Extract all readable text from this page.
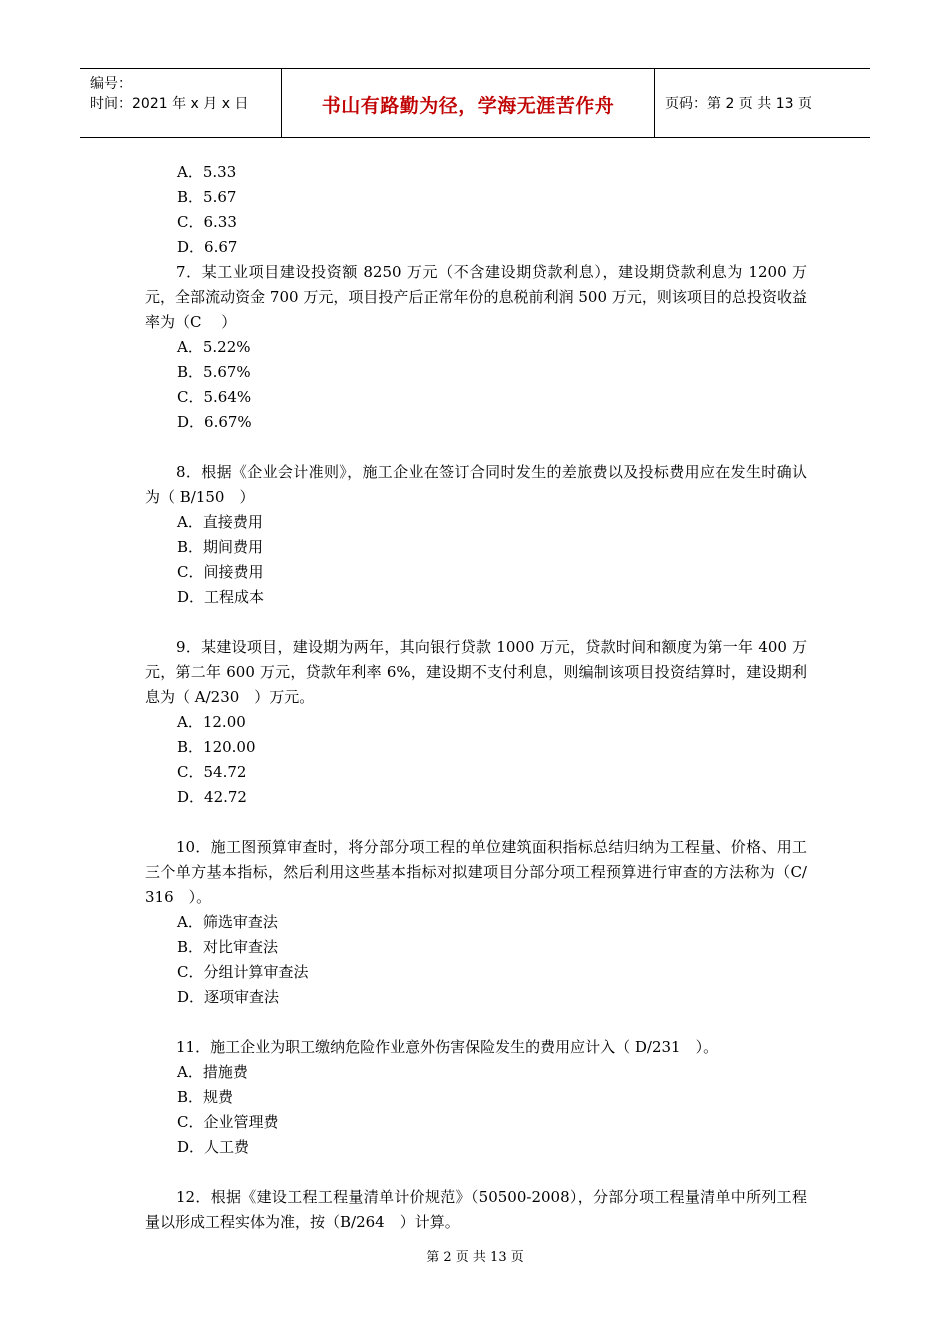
编号：
时间：2021 年 x 月 x 日	书山有路勤为径，学海无涯苦作舟	页码：第 2 页 共 13 页

A．5.33

B．5.67

C．6.33

D．6.67

7．某工业项目建设投资额 8250 万元（不含建设期贷款利息），建设期贷款利息为 1200 万元，全部流动资金 700 万元，项目投产后正常年份的息税前利润 500 万元，则该项目的总投资收益率为（C　 ）

A．5.22%

B．5.67%

C．5.64%

D．6.67%

8．根据《企业会计准则》，施工企业在签订合同时发生的差旅费以及投标费用应在发生时确认为（ B/150　）

A．直接费用

B．期间费用

C．间接费用

D．工程成本

9．某建设项目，建设期为两年，其向银行贷款 1000 万元，贷款时间和额度为第一年 400 万元，第二年 600 万元，贷款年利率 6%，建设期不支付利息，则编制该项目投资结算时，建设期利息为（ A/230　）万元。

A．12.00

B．120.00

C．54.72

D．42.72

10．施工图预算审查时，将分部分项工程的单位建筑面积指标总结归纳为工程量、价格、用工三个单方基本指标，然后利用这些基本指标对拟建项目分部分项工程预算进行审查的方法称为（C/ 316　）。

A．筛选审查法

B．对比审查法

C．分组计算审查法

D．逐项审查法

11．施工企业为职工缴纳危险作业意外伤害保险发生的费用应计入（ D/231　）。

A．措施费

B．规费

C．企业管理费

D．人工费

12．根据《建设工程工程量清单计价规范》（50500-2008），分部分项工程量清单中所列工程量以形成工程实体为准，按（B/264　）计算。

第 2 页 共 13 页
